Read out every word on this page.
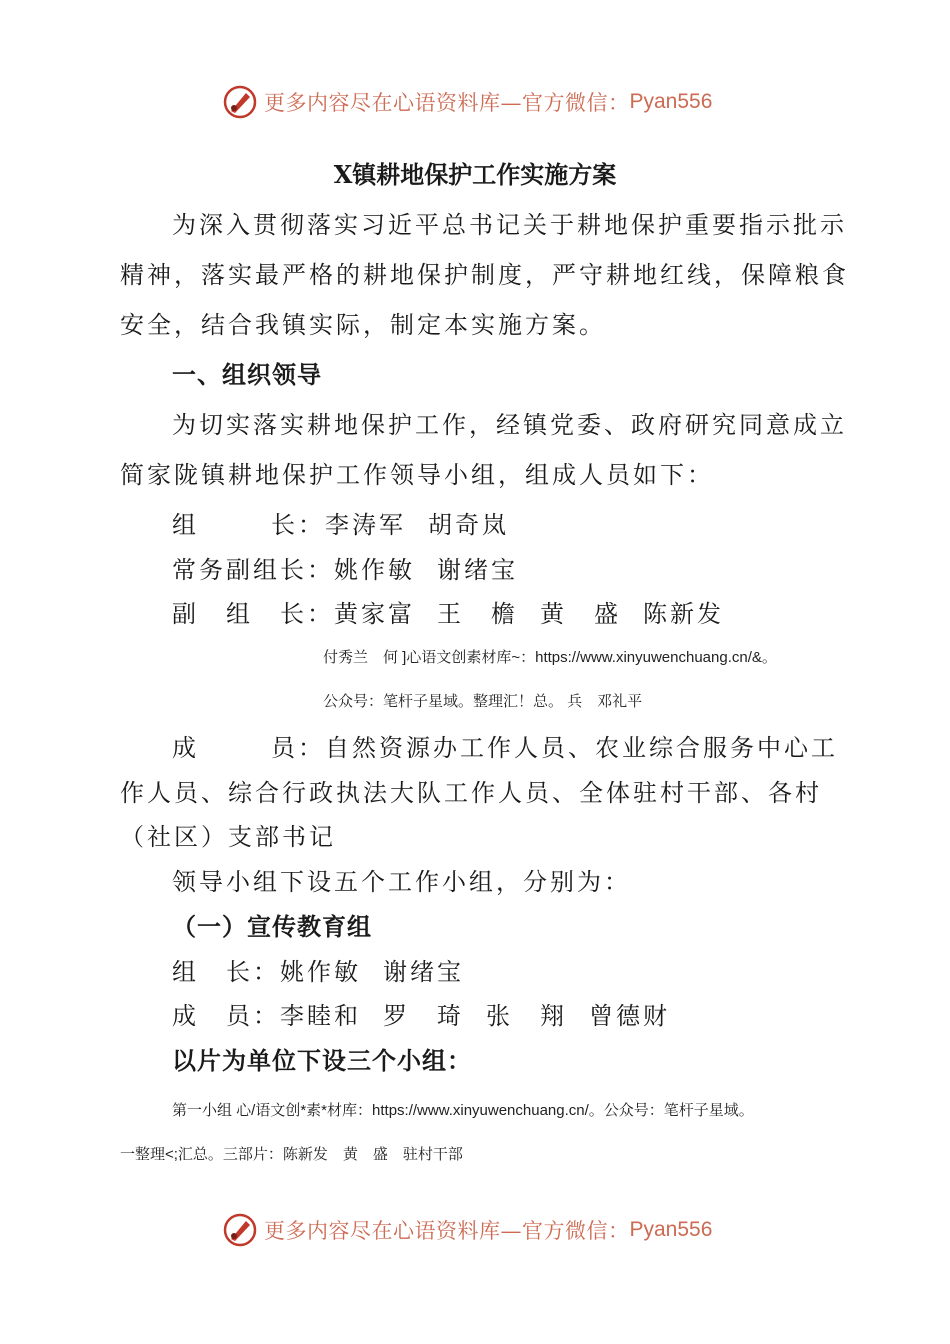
更多内容尽在心语资料库—官方微信： Pyan556
X镇耕地保护工作实施方案
为深入贯彻落实习近平总书记关于耕地保护重要指示批示
精神，落实最严格的耕地保护制度，严守耕地红线，保障粮食
安全，结合我镇实际，制定本实施方案。
一、组织领导
为切实落实耕地保护工作，经镇党委、政府研究同意成立
简家陇镇耕地保护工作领导小组，组成人员如下：
组	长：李涛军 胡奇岚
常务副组长：姚作敏 谢绪宝
副　组　长：黄家富 王　檐 黄　盛 陈新发
付秀兰　何 ]心语文创素材库~：https://www.xinyuwenchuang.cn/&。
公众号：笔杆子星域。整理汇！总。 兵　邓礼平
成	员：自然资源办工作人员、农业综合服务中心工
作人员、综合行政执法大队工作人员、全体驻村干部、各村
（社区）支部书记
领导小组下设五个工作小组，分别为：
（一）宣传教育组
组　长：姚作敏 谢绪宝
成　员：李睦和 罗　琦 张　翔 曾德财
以片为单位下设三个小组：
第一小组 心/语文创*素*材库：https://www.xinyuwenchuang.cn/。公众号：笔杆子星域。
一整理<;汇总。三部片：陈新发　黄　盛　驻村干部
更多内容尽在心语资料库—官方微信： Pyan556
